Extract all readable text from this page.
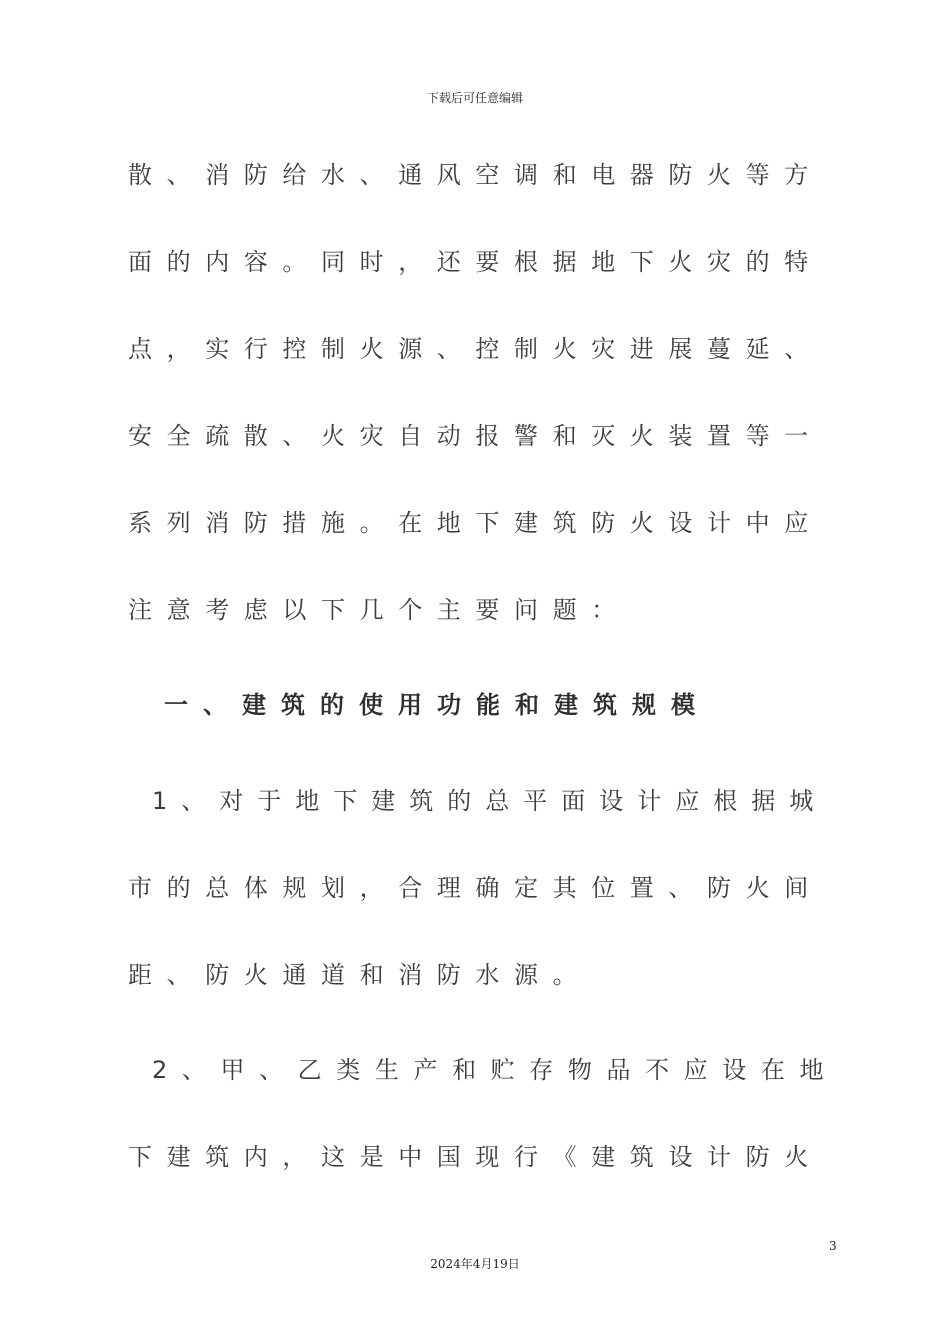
下载后可任意编辑
散、消防给水、通风空调和电器防火等方
面的内容。同时，还要根据地下火灾的特
点，实行控制火源、控制火灾进展蔓延、
安全疏散、火灾自动报警和灭火装置等一
系列消防措施。在地下建筑防火设计中应
注意考虑以下几个主要问题：
一、建筑的使用功能和建筑规模
1、对于地下建筑的总平面设计应根据城
市的总体规划，合理确定其位置、防火间
距、防火通道和消防水源。
2、甲、乙类生产和贮存物品不应设在地
下建筑内，这是中国现行《建筑设计防火
3
2024年4月19日
